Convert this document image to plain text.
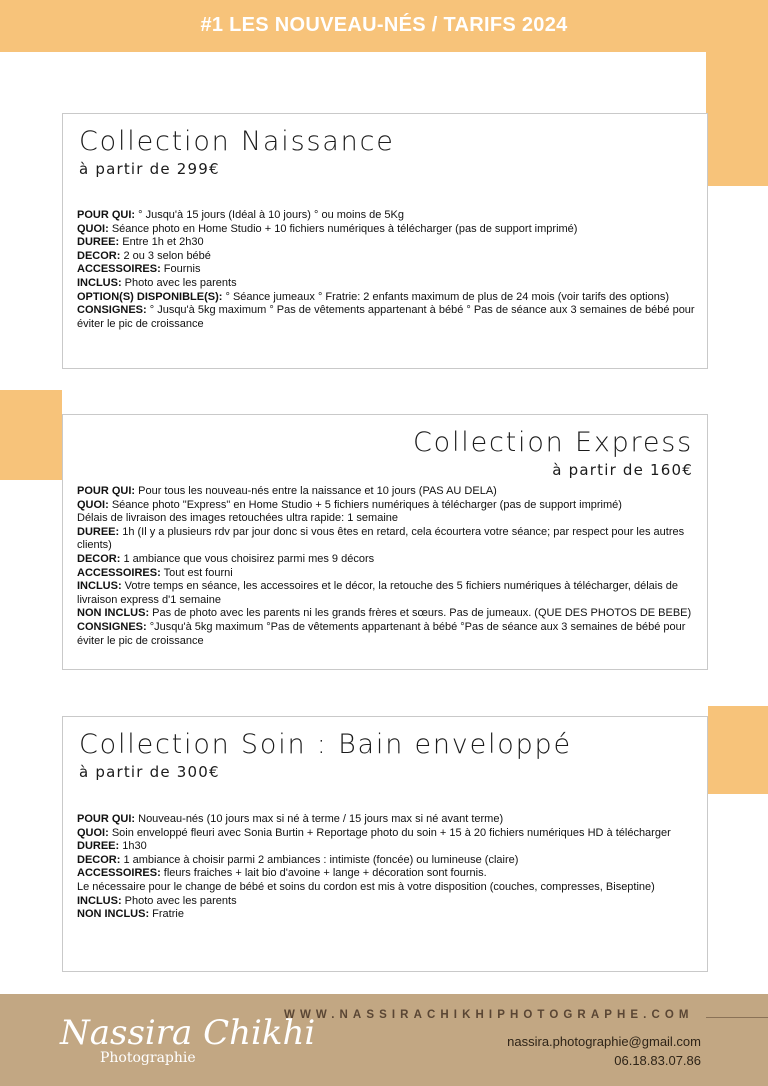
#1 LES NOUVEAU-NÉS / TARIFS 2024
Collection Naissance
à partir de 299€

POUR QUI: ° Jusqu'à 15 jours (Idéal à 10 jours) ° ou moins de 5Kg

QUOI: Séance photo en Home Studio + 10 fichiers numériques à télécharger (pas de support imprimé)

DUREE: Entre 1h et 2h30

DECOR: 2 ou 3 selon bébé

ACCESSOIRES: Fournis

INCLUS: Photo avec les parents

OPTION(S) DISPONIBLE(S): ° Séance jumeaux ° Fratrie: 2 enfants maximum de plus de 24 mois (voir tarifs des options)

CONSIGNES: ° Jusqu'à 5kg maximum ° Pas de vêtements appartenant à bébé ° Pas de séance aux 3 semaines de bébé pour éviter le pic de croissance

Collection Express
à partir de 160€

POUR QUI: Pour tous les nouveau-nés entre la naissance et 10 jours (PAS AU DELA)

QUOI: Séance photo "Express" en Home Studio + 5 fichiers numériques à télécharger (pas de support imprimé)

Délais de livraison des images retouchées ultra rapide: 1 semaine

DUREE: 1h (Il y a plusieurs rdv par jour donc si vous êtes en retard, cela écourtera votre séance; par respect pour les autres clients)

DECOR: 1 ambiance que vous choisirez parmi mes 9 décors

ACCESSOIRES: Tout est fourni

INCLUS: Votre temps en séance, les accessoires et le décor, la retouche des 5 fichiers numériques à télécharger, délais de livraison express d'1 semaine

NON INCLUS: Pas de photo avec les parents ni les grands frères et sœurs. Pas de jumeaux. (QUE DES PHOTOS DE BEBE)

CONSIGNES: °Jusqu'à 5kg maximum °Pas de vêtements appartenant à bébé °Pas de séance aux 3 semaines de bébé pour éviter le pic de croissance

Collection Soin : Bain enveloppé
à partir de 300€

POUR QUI: Nouveau-nés (10 jours max si né à terme / 15 jours max si né avant terme)

QUOI: Soin enveloppé fleuri avec Sonia Burtin + Reportage photo du soin + 15 à 20 fichiers numériques HD à télécharger

DUREE: 1h30

DECOR: 1 ambiance à choisir parmi 2 ambiances : intimiste (foncée) ou lumineuse (claire)

ACCESSOIRES: fleurs fraiches + lait bio d'avoine + lange + décoration sont fournis.

Le nécessaire pour le change de bébé et soins du cordon est mis à votre disposition (couches, compresses, Biseptine)

INCLUS: Photo avec les parents

NON INCLUS: Fratrie

Nassira Chikhi
Photographie
WWW.NASSIRACHIKHIPHOTOGRAPHE.COM
nassira.photographie@gmail.com
06.18.83.07.86
